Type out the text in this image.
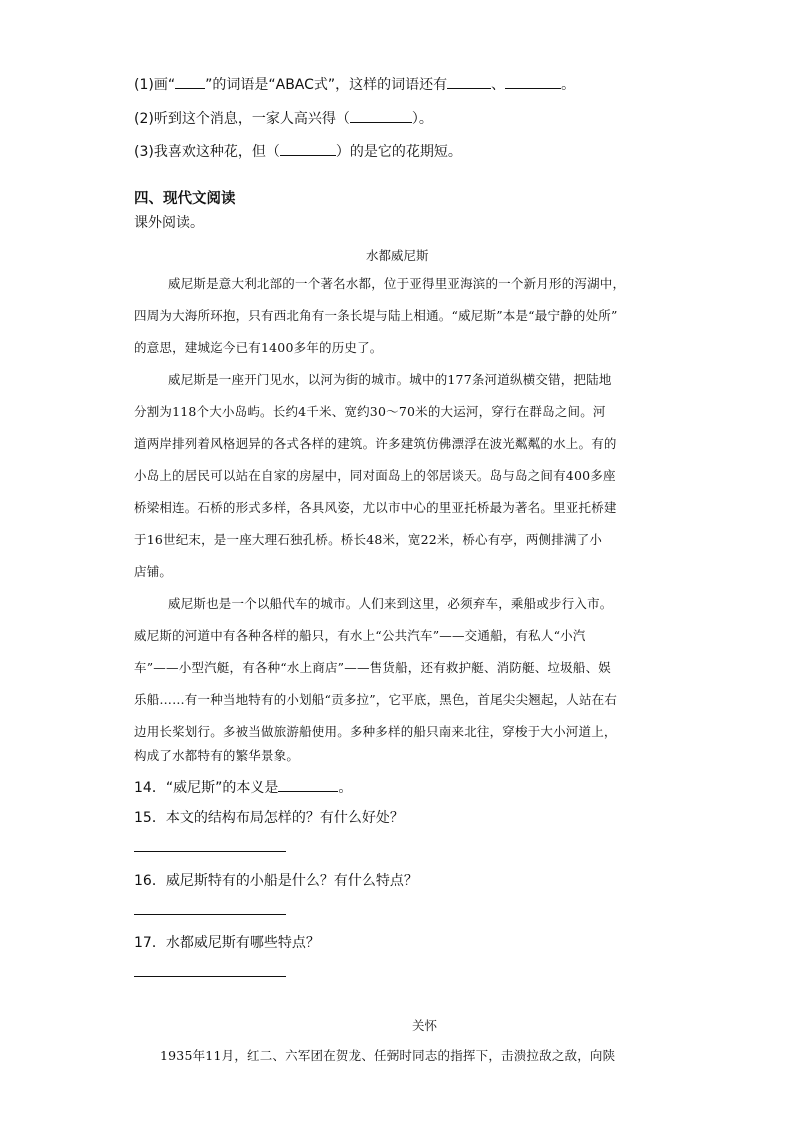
(1)画“ ”的词语是“ABAC式”，这样的词语还有	、	。
(2)听到这个消息，一家人高兴得（	）。
(3)我喜欢这种花，但（	）的是它的花期短。
四、现代文阅读
课外阅读。
水都威尼斯
威尼斯是意大利北部的一个著名水都，位于亚得里亚海滨的一个新月形的泻湖中，
四周为大海所环抱，只有西北角有一条长堤与陆上相通。“威尼斯”本是“最宁静的处所”
的意思，建城迄今已有1400多年的历史了。
威尼斯是一座开门见水，以河为街的城市。城中的177条河道纵横交错，把陆地
分割为118个大小岛屿。长约4千米、宽约30～70米的大运河，穿行在群岛之间。河
道两岸排列着风格迥异的各式各样的建筑。许多建筑仿佛漂浮在波光粼粼的水上。有的
小岛上的居民可以站在自家的房屋中，同对面岛上的邻居谈天。岛与岛之间有400多座
桥梁相连。石桥的形式多样，各具风姿，尤以市中心的里亚托桥最为著名。里亚托桥建
于16世纪末，是一座大理石独孔桥。桥长48米，宽22米，桥心有亭，两侧排满了小
店铺。
威尼斯也是一个以船代车的城市。人们来到这里，必须弃车，乘船或步行入市。
威尼斯的河道中有各种各样的船只，有水上“公共汽车”——交通船，有私人“小汽
车”——小型汽艇，有各种“水上商店”——售货船，还有救护艇、消防艇、垃圾船、娱
乐船……有一种当地特有的小划船“贡多拉”，它平底，黑色，首尾尖尖翘起，人站在右
边用长桨划行。多被当做旅游船使用。多种多样的船只南来北往，穿梭于大小河道上，
构成了水都特有的繁华景象。
14．“威尼斯”的本义是	。
15．本文的结构布局怎样的？有什么好处？
16．威尼斯特有的小船是什么？有什么特点？
17．水都威尼斯有哪些特点？
关怀
1935年11月，红二、六军团在贺龙、任弼时同志的指挥下，击溃拉敌之敌，向陕
